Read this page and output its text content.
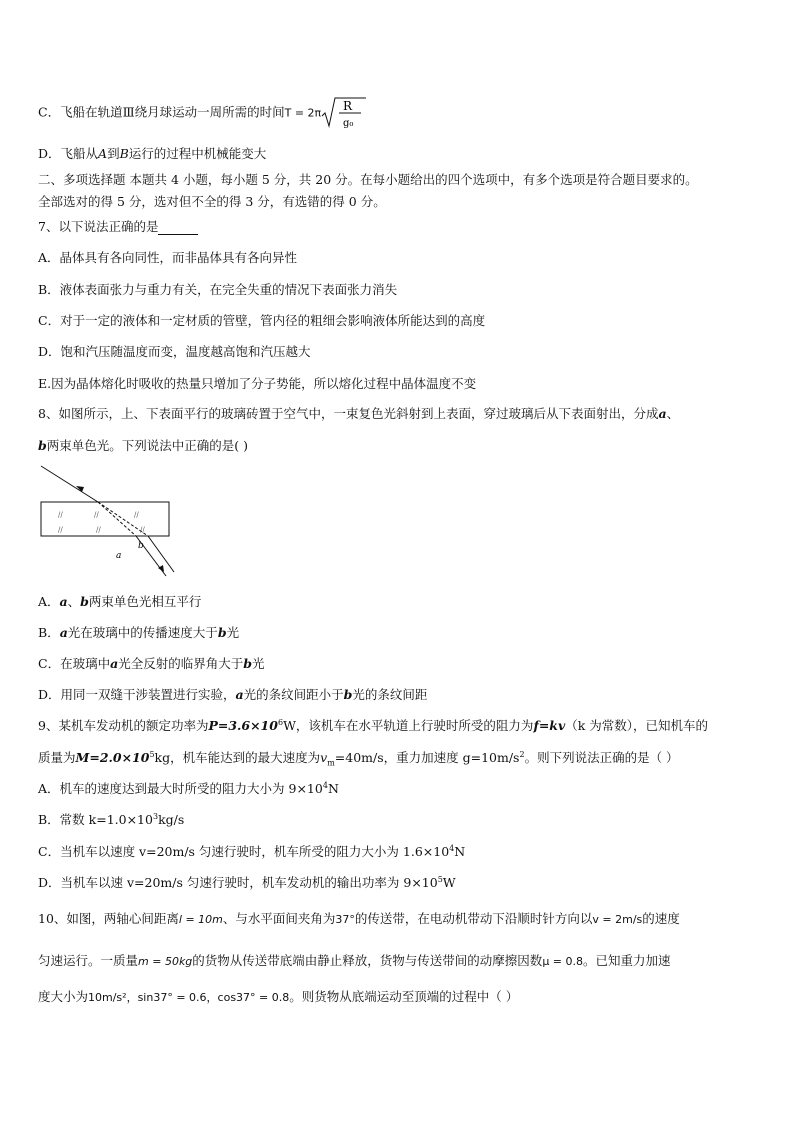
C．飞船在轨道Ⅲ绕月球运动一周所需的时间T = 2π R
g₀
D．飞船从A到B运行的过程中机械能变大
二、多项选择题 本题共 4 小题，每小题 5 分，共 20 分。在每小题给出的四个选项中，有多个选项是符合题目要求的。
全部选对的得 5 分，选对但不全的得 3 分，有选错的得 0 分。
7、以下说法正确的是
A．晶体具有各向同性，而非晶体具有各向异性
B．液体表面张力与重力有关，在完全失重的情况下表面张力消失
C．对于一定的液体和一定材质的管壁，管内径的粗细会影响液体所能达到的高度
D．饱和汽压随温度而变，温度越高饱和汽压越大
E.因为晶体熔化时吸收的热量只增加了分子势能，所以熔化过程中晶体温度不变
8、如图所示，上、下表面平行的玻璃砖置于空气中，一束复色光斜射到上表面，穿过玻璃后从下表面射出，分成a、
b两束单色光。下列说法中正确的是( )
//	//	//
//	//	//
a
b
A．a、b两束单色光相互平行
B．a光在玻璃中的传播速度大于b光
C．在玻璃中a光全反射的临界角大于b光
D．用同一双缝干涉装置进行实验，a光的条纹间距小于b光的条纹间距
9、某机车发动机的额定功率为$P=3.6\times 10^6W$，该机车在水平轨道上行驶时所受的阻力为f=kv（k 为常数），已知机车的
质量为$M=2.0\times 10^5kg$，机车能达到的最大速度为$v_m=40m/s$，重力加速度 $g=10m/s^2$。则下列说法正确的是（ ）
A．机车的速度达到最大时所受的阻力大小为 $9\times 10^4N$
B．常数 $k=1.0\times 10^3kg/s$
C．当机车以速度 v=20m/s 匀速行驶时，机车所受的阻力大小为 $1.6\times 10^4N$
D．当机车以速 v=20m/s 匀速行驶时，机车发动机的输出功率为 $9\times 10^5W$
10、如图，两轴心间距离l = 10m、与水平面间夹角为37°的传送带，在电动机带动下沿顺时针方向以v = 2m/s的速度
匀速运行。一质量m = 50kg的货物从传送带底端由静止释放，货物与传送带间的动摩擦因数μ = 0.8。已知重力加速
度大小为10m/s²，sin37° = 0.6，cos37° = 0.8。则货物从底端运动至顶端的过程中（ ）
